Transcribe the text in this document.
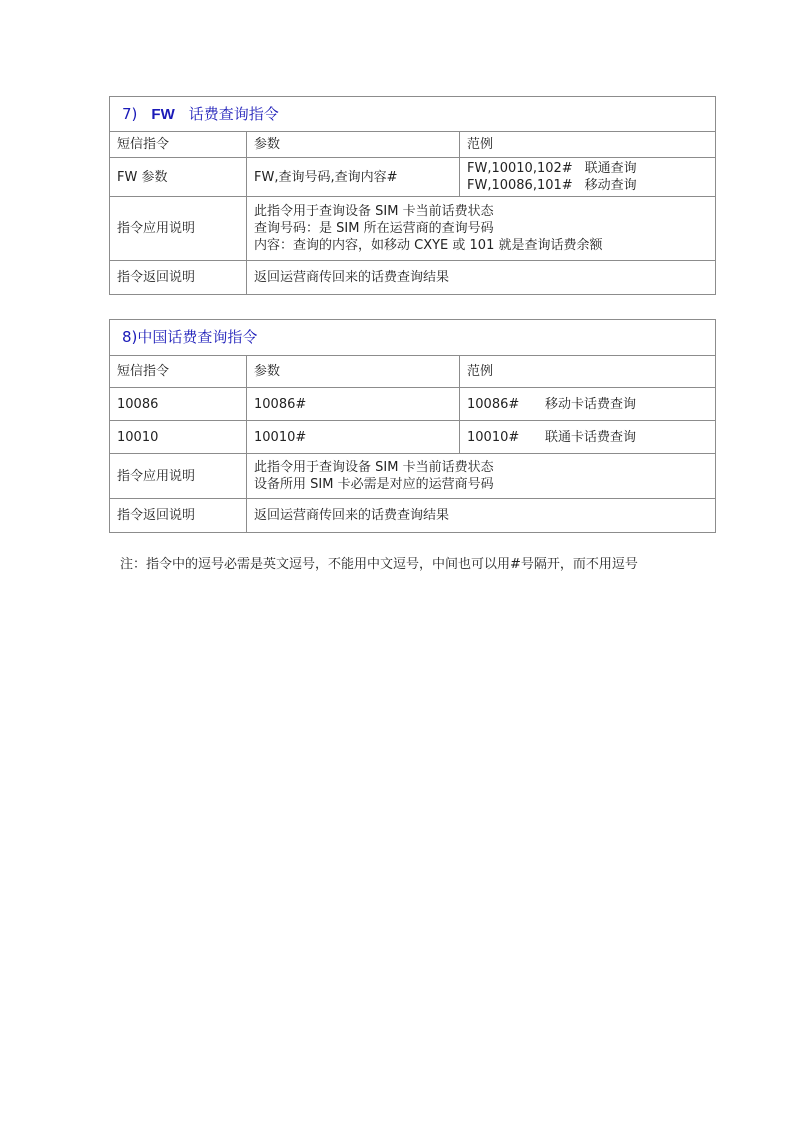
7) FW 话费查询指令		
短信指令	参数	范例
FW 参数	FW,查询号码,查询内容#	FW,10010,102# 联通查询
FW,10086,101# 移动查询

指令应用说明	此指令用于查询设备 SIM 卡当前话费状态
查询号码：是 SIM 所在运营商的查询号码
内容：查询的内容，如移动 CXYE 或 101 就是查询话费余额	

指令返回说明	返回运营商传回来的话费查询结果	
8)中国话费查询指令		
短信指令	参数	范例
10086	10086#	10086# 移动卡话费查询
10010	10010#	10010# 联通卡话费查询
指令应用说明	此指令用于查询设备 SIM 卡当前话费状态
设备所用 SIM 卡必需是对应的运营商号码	

指令返回说明	返回运营商传回来的话费查询结果	
注：指令中的逗号必需是英文逗号，不能用中文逗号，中间也可以用#号隔开，而不用逗号
